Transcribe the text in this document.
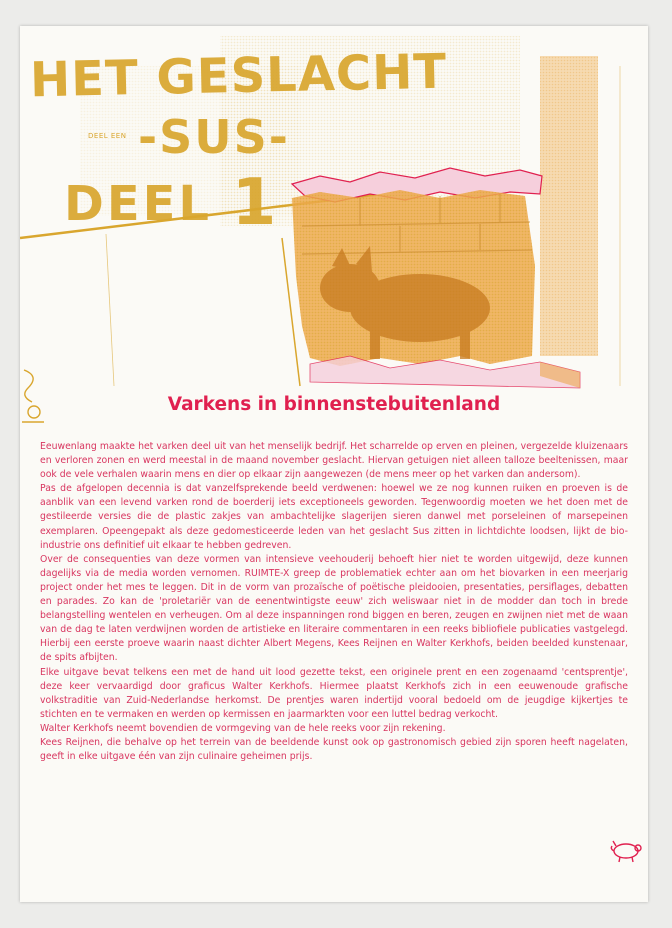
HET GESLACHT
DEEL EEN -SUS-
DEEL 1
Varkens in binnenstebuitenland

Eeuwenlang maakte het varken deel uit van het menselijk bedrijf. Het scharrelde op erven en pleinen, vergezelde kluizenaars en verloren zonen en werd meestal in de maand november geslacht. Hiervan getuigen niet alleen talloze beeltenissen, maar ook de vele verhalen waarin mens en dier op elkaar zijn aangewezen (de mens meer op het varken dan andersom).

Pas de afgelopen decennia is dat vanzelfsprekende beeld verdwenen: hoewel we ze nog kunnen ruiken en proeven is de aanblik van een levend varken rond de boerderij iets exceptioneels geworden. Tegenwoordig moeten we het doen met de gestileerde versies die de plastic zakjes van ambachtelijke slagerijen sieren danwel met porseleinen of marsepeinen exemplaren. Opeengepakt als deze gedomesticeerde leden van het geslacht Sus zitten in lichtdichte loodsen, lijkt de bio-industrie ons definitief uit elkaar te hebben gedreven.

Over de consequenties van deze vormen van intensieve veehouderij behoeft hier niet te worden uitgewijd, deze kunnen dagelijks via de media worden vernomen. RUIMTE-X greep de problematiek echter aan om het biovarken in een meerjarig project onder het mes te leggen. Dit in de vorm van prozaïsche of poëtische pleidooien, presentaties, persiflages, debatten en parades. Zo kan de 'proletariër van de eenentwintigste eeuw' zich weliswaar niet in de modder dan toch in brede belangstelling wentelen en verheugen. Om al deze inspanningen rond biggen en beren, zeugen en zwijnen niet met de waan van de dag te laten verdwijnen worden de artistieke en literaire commentaren in een reeks bibliofiele publicaties vastgelegd. Hierbij een eerste proeve waarin naast dichter Albert Megens, Kees Reijnen en Walter Kerkhofs, beiden beelded kunstenaar, de spits afbijten.

Elke uitgave bevat telkens een met de hand uit lood gezette tekst, een originele prent en een zogenaamd 'centsprentje', deze keer vervaardigd door graficus Walter Kerkhofs. Hiermee plaatst Kerkhofs zich in een eeuwenoude grafische volkstraditie van Zuid-Nederlandse herkomst. De prentjes waren indertijd vooral bedoeld om de jeugdige kijkertjes te stichten en te vermaken en werden op kermissen en jaarmarkten voor een luttel bedrag verkocht.

Walter Kerkhofs neemt bovendien de vormgeving van de hele reeks voor zijn rekening.

Kees Reijnen, die behalve op het terrein van de beeldende kunst ook op gastronomisch gebied zijn sporen heeft nagelaten, geeft in elke uitgave één van zijn culinaire geheimen prijs.
